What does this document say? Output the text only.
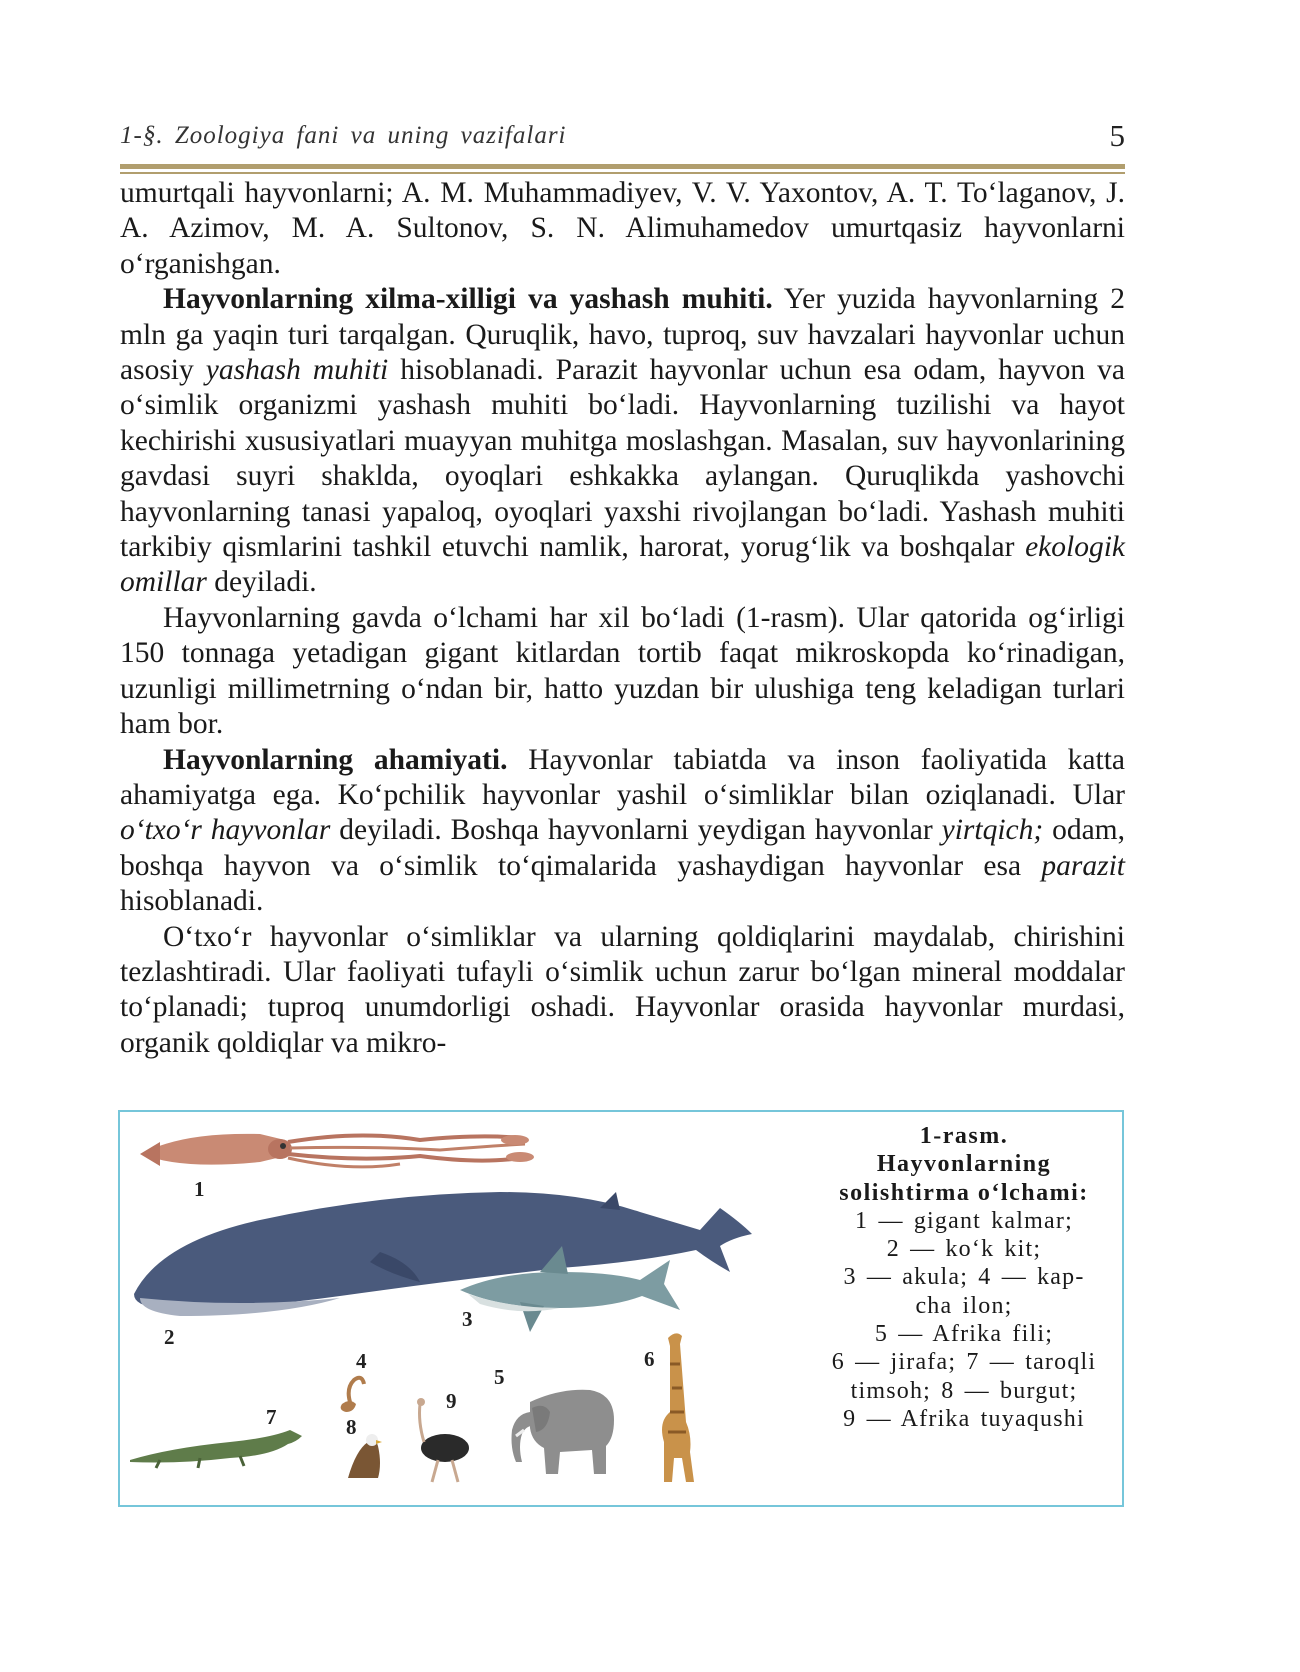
1-§. Zoologiya fani va uning vazifalari	5

umurtqali hayvonlarni; A. M. Muhammadiyev, V. V. Yaxontov, A. T. To‘laganov, J. A. Azimov, M. A. Sultonov, S. N. Alimuhamedov umurtqasiz hayvonlarni o‘rganishgan.

Hayvonlarning xilma-xilligi va yashash muhiti. Yer yuzida hayvonlarning 2 mln ga yaqin turi tarqalgan. Quruqlik, havo, tuproq, suv havzalari hayvonlar uchun asosiy yashash muhiti hisoblanadi. Parazit hayvonlar uchun esa odam, hayvon va o‘simlik organizmi yashash muhiti bo‘ladi. Hayvonlarning tuzilishi va hayot kechirishi xususiyatlari muayyan muhitga moslashgan. Masalan, suv hayvonlarining gavdasi suyri shaklda, oyoqlari eshkakka aylangan. Quruqlikda yashovchi hayvonlarning tanasi yapaloq, oyoqlari yaxshi rivojlangan bo‘ladi. Yashash muhiti tarkibiy qismlarini tashkil etuvchi namlik, harorat, yorug‘lik va boshqalar ekologik omillar deyiladi.

Hayvonlarning gavda o‘lchami har xil bo‘ladi (1-rasm). Ular qatorida og‘irligi 150 tonnaga yetadigan gigant kitlardan tortib faqat mikroskopda ko‘rinadigan, uzunligi millimetrning o‘ndan bir, hatto yuzdan bir ulushiga teng keladigan turlari ham bor.

Hayvonlarning ahamiyati. Hayvonlar tabiatda va inson faoliyatida katta ahamiyatga ega. Ko‘pchilik hayvonlar yashil o‘simliklar bilan oziqlanadi. Ular o‘txo‘r hayvonlar deyiladi. Boshqa hayvonlarni yeydigan hayvonlar yirtqich; odam, boshqa hayvon va o‘simlik to‘qimalarida yashaydigan hayvonlar esa parazit hisoblanadi.

O‘txo‘r hayvonlar o‘simliklar va ularning qoldiqlarini maydalab, chirishini tezlashtiradi. Ular faoliyati tufayli o‘simlik uchun zarur bo‘lgan mineral moddalar to‘planadi; tuproq unumdorligi oshadi. Hayvonlar orasida hayvonlar murdasi, organik qoldiqlar va mikro-

1
2
3
4
5
6
7	8
9
1-rasm.
Hayvonlarning
solishtirma o‘lchami:
1 — gigant kalmar;
2 — ko‘k kit;
3 — akula; 4 — kap-
cha ilon;
5 — Afrika fili;
6 — jirafa; 7 — taroqli
timsoh; 8 — burgut;
9 — Afrika tuyaqushi
